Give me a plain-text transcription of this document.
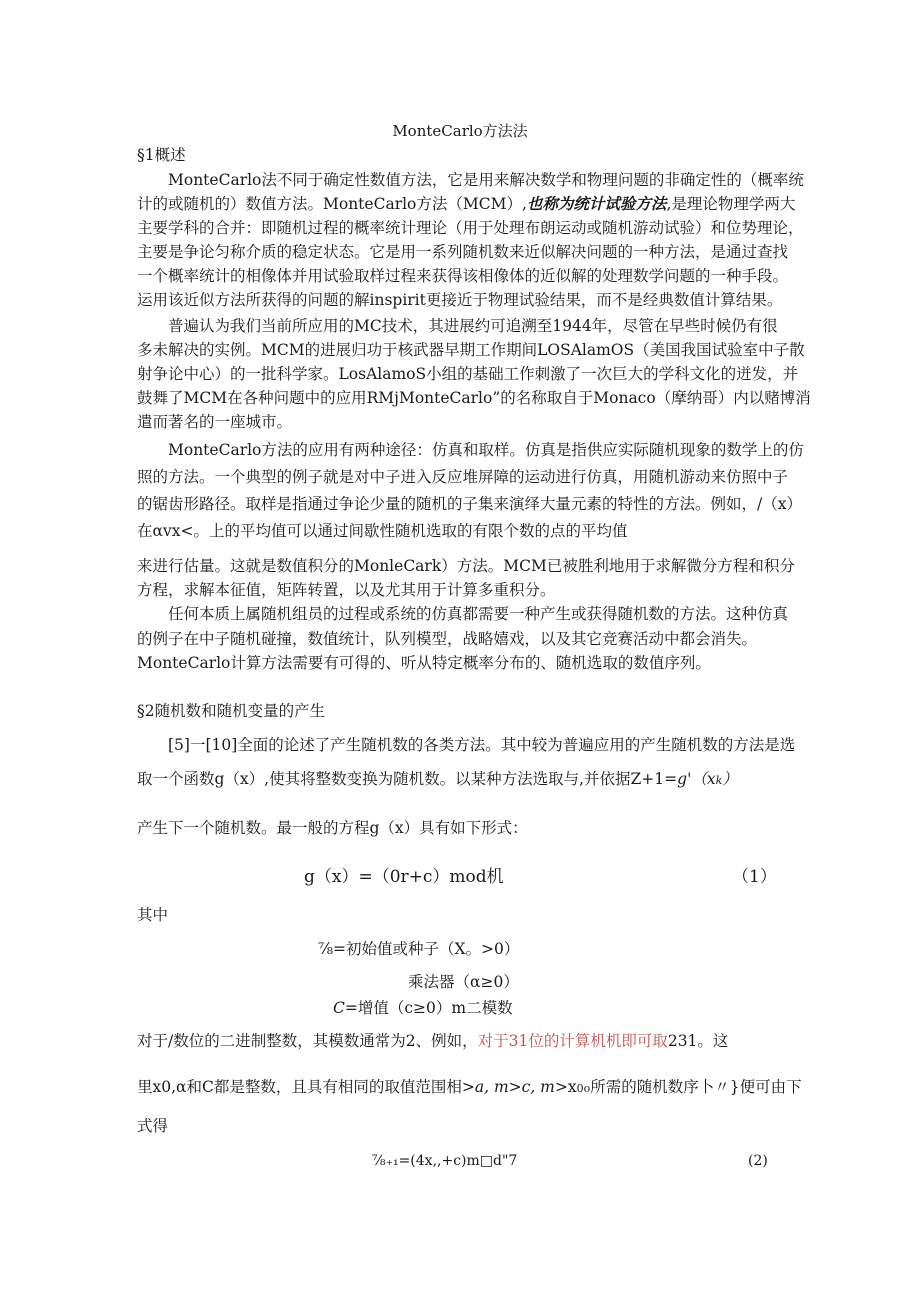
MonteCarlo方法法
§1概述
MonteCarlo法不同于确定性数值方法，它是用来解决数学和物理问题的非确定性的（概率统
计的或随机的）数值方法。MonteCarlo方法（MCM）,也称为统计试验方法,是理论物理学两大
主要学科的合并：即随机过程的概率统计理论（用于处理布朗运动或随机游动试验）和位势理论，
主要是争论匀称介质的稳定状态。它是用一系列随机数来近似解决问题的一种方法，是通过查找
一个概率统计的相像体并用试验取样过程来获得该相像体的近似解的处理数学问题的一种手段。
运用该近似方法所获得的问题的解inspirit更接近于物理试验结果，而不是经典数值计算结果。
普遍认为我们当前所应用的MC技术，其进展约可追溯至1944年，尽管在早些时候仍有很
多未解决的实例。MCM的进展归功于核武器早期工作期间LOSAlamOS（美国我国试验室中子散
射争论中心）的一批科学家。LosAlamoS小组的基础工作刺激了一次巨大的学科文化的迸发，并
鼓舞了MCM在各种问题中的应用RMjMonteCarlo”的名称取自于Monaco（摩纳哥）内以赌博消
遣而著名的一座城市。
MonteCarlo方法的应用有两种途径：仿真和取样。仿真是指供应实际随机现象的数学上的仿
照的方法。一个典型的例子就是对中子进入反应堆屏障的运动进行仿真，用随机游动来仿照中子
的锯齿形路径。取样是指通过争论少量的随机的子集来演绎大量元素的特性的方法。例如，/（x）
在αvx<。上的平均值可以通过间歇性随机选取的有限个数的点的平均值
来进行估量。这就是数值积分的MonleCark）方法。MCM已被胜利地用于求解微分方程和积分
方程，求解本征值，矩阵转置，以及尤其用于计算多重积分。
任何本质上属随机组员的过程或系统的仿真都需要一种产生或获得随机数的方法。这种仿真
的例子在中子随机碰撞，数值统计，队列模型，战略嬉戏，以及其它竞赛活动中都会消失。
MonteCarlo计算方法需要有可得的、听从特定概率分布的、随机选取的数值序列。
§2随机数和随机变量的产生
[5]一[10]全面的论述了产生随机数的各类方法。其中较为普遍应用的产生随机数的方法是选
取一个函数g（x）,使其将整数变换为随机数。以某种方法选取与,并依据Z+1=g'（xk）
产生下一个随机数。最一般的方程g（x）具有如下形式：
g（x）=（0r+c）mod机	（1）
其中
⅞=初始值或种子（X。>0）
乘法器（α≥0）
C=增值（c≥0）m二模数
对于/数位的二进制整数，其模数通常为2、例如，对于31位的计算机机即可取231。这
里x0,α和C都是整数，且具有相同的取值范围相>a, m>c, m>x0o所需的随机数序卜〃}便可由下
式得
⅞₊₁=(4x,,+c)m□d"7	(2)
